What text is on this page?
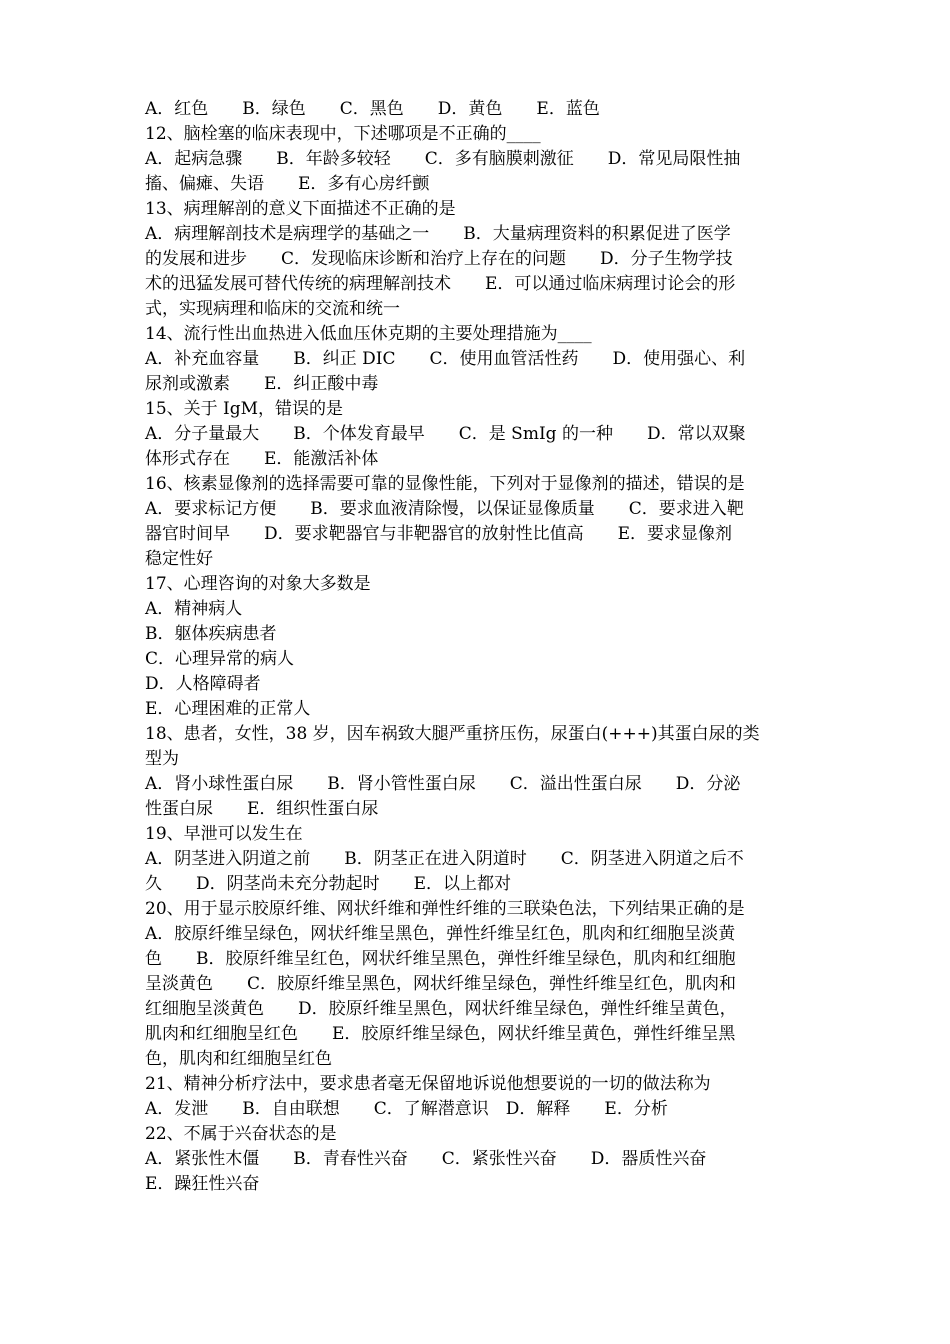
A．红色　　B．绿色　　C．黑色　　D．黄色　　E．蓝色
12、脑栓塞的临床表现中，下述哪项是不正确的____
A．起病急骤　　B．年龄多较轻　　C．多有脑膜刺激征　　D．常见局限性抽
搐、偏瘫、失语　　E．多有心房纤颤
13、病理解剖的意义下面描述不正确的是
A．病理解剖技术是病理学的基础之一　　B．大量病理资料的积累促进了医学
的发展和进步　　C．发现临床诊断和治疗上存在的问题　　D．分子生物学技
术的迅猛发展可替代传统的病理解剖技术　　E．可以通过临床病理讨论会的形
式，实现病理和临床的交流和统一
14、流行性出血热进入低血压休克期的主要处理措施为____
A．补充血容量　　B．纠正 DIC　　C．使用血管活性药　　D．使用强心、利
尿剂或激素　　E．纠正酸中毒
15、关于 IgM，错误的是
A．分子量最大　　B．个体发育最早　　C．是 SmIg 的一种　　D．常以双聚
体形式存在　　E．能激活补体
16、核素显像剂的选择需要可靠的显像性能，下列对于显像剂的描述，错误的是
A．要求标记方便　　B．要求血液清除慢，以保证显像质量　　C．要求进入靶
器官时间早　　D．要求靶器官与非靶器官的放射性比值高　　E．要求显像剂
稳定性好
17、心理咨询的对象大多数是
A．精神病人
B．躯体疾病患者
C．心理异常的病人
D．人格障碍者
E．心理困难的正常人
18、患者，女性，38 岁，因车祸致大腿严重挤压伤，尿蛋白(+++)其蛋白尿的类
型为
A．肾小球性蛋白尿　　B．肾小管性蛋白尿　　C．溢出性蛋白尿　　D．分泌
性蛋白尿　　E．组织性蛋白尿
19、早泄可以发生在
A．阴茎进入阴道之前　　B．阴茎正在进入阴道时　　C．阴茎进入阴道之后不
久　　D．阴茎尚未充分勃起时　　E．以上都对
20、用于显示胶原纤维、网状纤维和弹性纤维的三联染色法，下列结果正确的是
A．胶原纤维呈绿色，网状纤维呈黑色，弹性纤维呈红色，肌肉和红细胞呈淡黄
色　　B．胶原纤维呈红色，网状纤维呈黑色，弹性纤维呈绿色，肌肉和红细胞
呈淡黄色　　C．胶原纤维呈黑色，网状纤维呈绿色，弹性纤维呈红色，肌肉和
红细胞呈淡黄色　　D．胶原纤维呈黑色，网状纤维呈绿色，弹性纤维呈黄色，
肌肉和红细胞呈红色　　E．胶原纤维呈绿色，网状纤维呈黄色，弹性纤维呈黑
色，肌肉和红细胞呈红色
21、精神分析疗法中，要求患者毫无保留地诉说他想要说的一切的做法称为
A．发泄　　B．自由联想　　C．了解潜意识　D．解释　　E．分析
22、不属于兴奋状态的是
A．紧张性木僵　　B．青春性兴奋　　C．紧张性兴奋　　D．器质性兴奋
E．躁狂性兴奋
